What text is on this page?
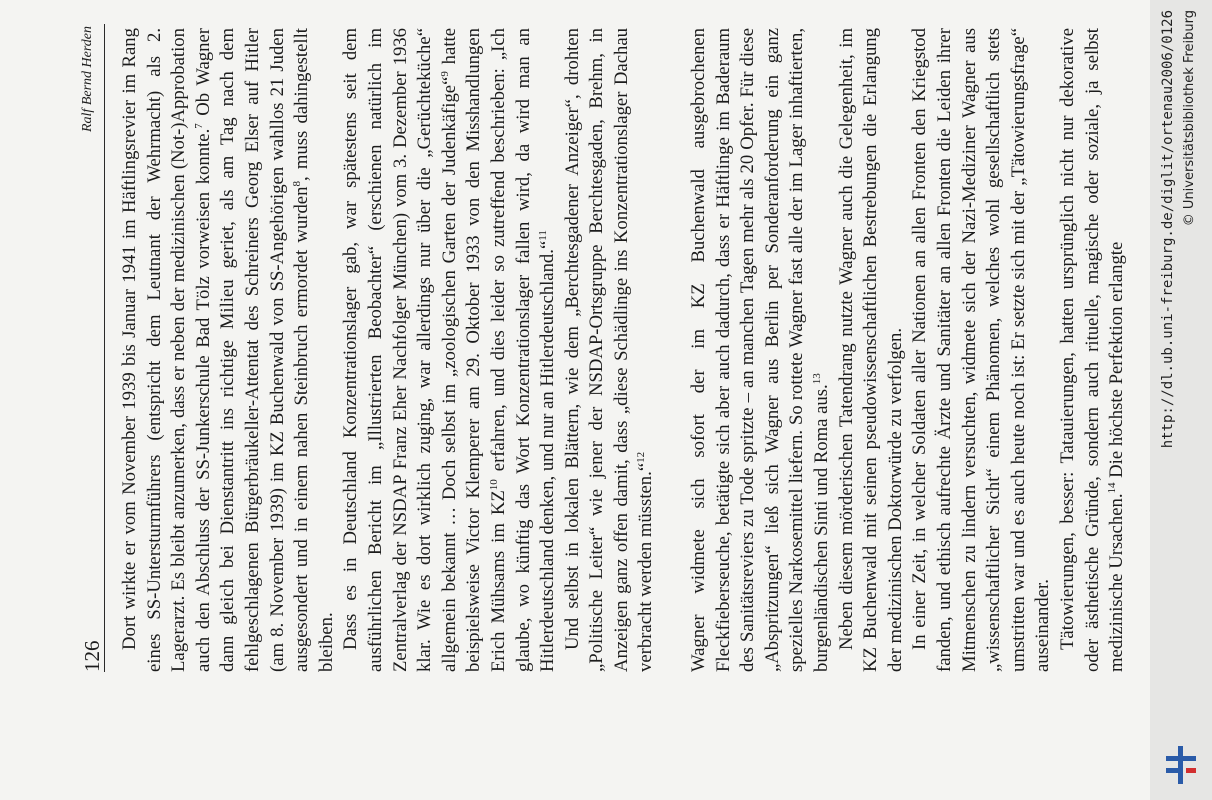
126
Ralf Bernd Herden Dort wirkte er vom November 1939 bis Januar 1941 im Häftlingsrevier im Rang eines SS-Untersturmführers (entspricht dem Leutnant der Wehrmacht) als 2. Lagerarzt. Es bleibt anzumerken, dass er neben der medizinischen (Not-)Approbation auch den Abschluss der SS-Junkerschule Bad Tölz vorweisen konnte.$^7$ Ob Wagner dann gleich bei Dienstantritt ins richtige Milieu geriet, als am Tag nach dem fehlgeschlagenen Bürgerbräukeller-Attentat des Schreiners Georg Elser auf Hitler (am 8. November 1939) im KZ Buchenwald von SS-Angehörigen wahllos 21 Juden ausgesondert und in einem nahen Steinbruch ermordet wurden$^8$, muss dahingestellt bleiben. Dass es in Deutschland Konzentrationslager gab, war spätestens seit dem ausführlichen Bericht im „Illustrierten Beobachter“ (erschienen natürlich im Zentralverlag der NSDAP Franz Eher Nachfolger München) vom 3. Dezember 1936 klar. Wie es dort wirklich zuging, war allerdings nur über die „Gerüchteküche“ allgemein bekannt … Doch selbst im „zoologischen Garten der Judenkäfige“$^9$ hatte beispielsweise Victor Klemperer am 29. Oktober 1933 von den Misshandlungen Erich Mühsams im KZ$^{10}$ erfahren, und dies leider so zutreffend beschrieben: „Ich glaube, wo künftig das Wort Konzentrationslager fallen wird, da wird man an Hitlerdeutschland denken, und nur an Hitlerdeutschland.“$^{11}$ Und selbst in lokalen Blättern, wie dem „Berchtesgadener Anzeiger“, drohten „Politische Leiter“ wie jener der NSDAP-Ortsgruppe Berchtesgaden, Brehm, in Anzeigen ganz offen damit, dass „diese Schädlinge ins Konzentrationslager Dachau verbracht werden müssten.“$^{12}$	Wagner widmete sich sofort der im KZ Buchenwald ausgebrochenen Fleckfieberseuche, betätigte sich aber auch dadurch, dass er Häftlinge im Baderaum des Sanitätsreviers zu Tode spritzte – an manchen Tagen mehr als 20 Opfer. Für diese „Abspritzungen“ ließ sich Wagner aus Berlin per Sonderanforderung ein ganz spezielles Narkosemittel liefern. So rottete Wagner fast alle der im Lager inhaftierten, burgenländischen Sinti und Roma aus.$^{13}$ Neben diesem mörderischen Tatendrang nutzte Wagner auch die Gelegenheit, im KZ Buchenwald mit seinen pseudowissenschaftlichen Bestrebungen die Erlangung der medizinischen Doktorwürde zu verfolgen. In einer Zeit, in welcher Soldaten aller Nationen an allen Fronten den Kriegstod fanden, und ethisch aufrechte Ärzte und Sanitäter an allen Fronten die Leiden ihrer Mitmenschen zu lindern versuchten, widmete sich der Nazi-Mediziner Wagner aus „wissenschaftlicher Sicht“ einem Phänomen, welches wohl gesellschaftlich stets umstritten war und es auch heute noch ist: Er setzte sich mit der „Tätowierungsfrage“ auseinander. Tätowierungen, besser: Tatauierungen, hatten ursprünglich nicht nur dekorative oder ästhetische Gründe, sondern auch rituelle, magische oder soziale, ja selbst medizinische Ursachen.$^{14}$ Die höchste Perfektion erlangte http://dl.ub.uni-freiburg.de/diglit/ortenau2006/0126 © Universitätsbibliothek Freiburg
